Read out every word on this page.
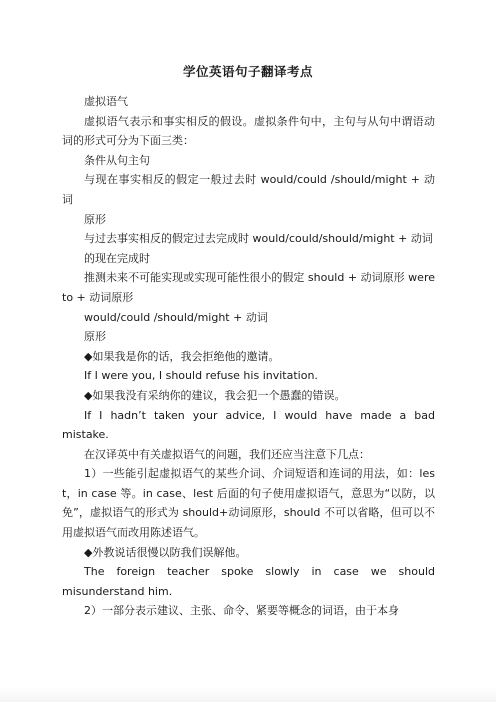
学位英语句子翻译考点

虚拟语气

虚拟语气表示和事实相反的假设。虚拟条件句中，主句与从句中谓语动词的形式可分为下面三类：

条件从句主句

与现在事实相反的假定一般过去时 would/could /should/might + 动词

原形

与过去事实相反的假定过去完成时 would/could/should/might + 动词

的现在完成时

推测未来不可能实现或实现可能性很小的假定 should + 动词原形 were to + 动词原形

would/could /should/might + 动词

原形

◆如果我是你的话，我会拒绝他的邀请。

If I were you, I should refuse his invitation.

◆如果我没有采纳你的建议，我会犯一个愚蠢的错误。

If I hadn’t taken your advice, I would have made a bad mistake.

在汉译英中有关虚拟语气的问题，我们还应当注意下几点：

1）一些能引起虚拟语气的某些介词、介词短语和连词的用法，如：lest，in case 等。in case、lest 后面的句子使用虚拟语气，意思为“以防，以免”，虚拟语气的形式为 should+动词原形，should 不可以省略，但可以不用虚拟语气而改用陈述语气。

◆外教说话很慢以防我们误解他。

The foreign teacher spoke slowly in case we should misunderstand him.

2）一部分表示建议、主张、命令、紧要等概念的词语，由于本身
